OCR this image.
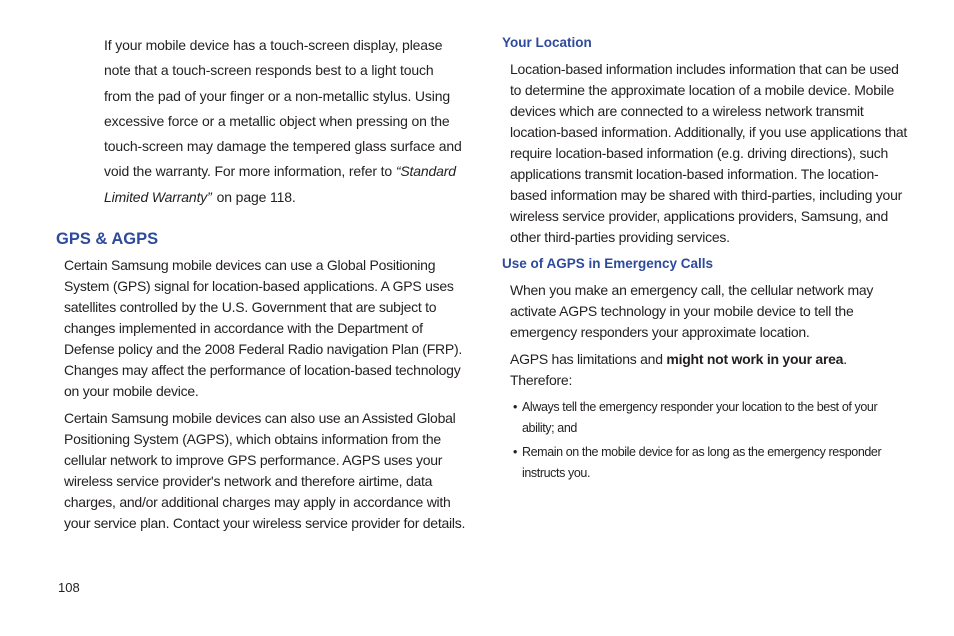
If your mobile device has a touch-screen display, please note that a touch-screen responds best to a light touch from the pad of your finger or a non-metallic stylus. Using excessive force or a metallic object when pressing on the touch-screen may damage the tempered glass surface and void the warranty. For more information, refer to “Standard Limited Warranty” on page 118.
GPS & AGPS

Certain Samsung mobile devices can use a Global Positioning System (GPS) signal for location-based applications. A GPS uses satellites controlled by the U.S. Government that are subject to changes implemented in accordance with the Department of Defense policy and the 2008 Federal Radio navigation Plan (FRP). Changes may affect the performance of location-based technology on your mobile device.

Certain Samsung mobile devices can also use an Assisted Global Positioning System (AGPS), which obtains information from the cellular network to improve GPS performance. AGPS uses your wireless service provider's network and therefore airtime, data charges, and/or additional charges may apply in accordance with your service plan. Contact your wireless service provider for details.

Your Location

Location-based information includes information that can be used to determine the approximate location of a mobile device. Mobile devices which are connected to a wireless network transmit location-based information. Additionally, if you use applications that require location-based information (e.g. driving directions), such applications transmit location-based information. The location-based information may be shared with third-parties, including your wireless service provider, applications providers, Samsung, and other third-parties providing services.

Use of AGPS in Emergency Calls

When you make an emergency call, the cellular network may activate AGPS technology in your mobile device to tell the emergency responders your approximate location.

AGPS has limitations and might not work in your area. Therefore:

• Always tell the emergency responder your location to the best of your ability; and
• Remain on the mobile device for as long as the emergency responder instructs you.
108
